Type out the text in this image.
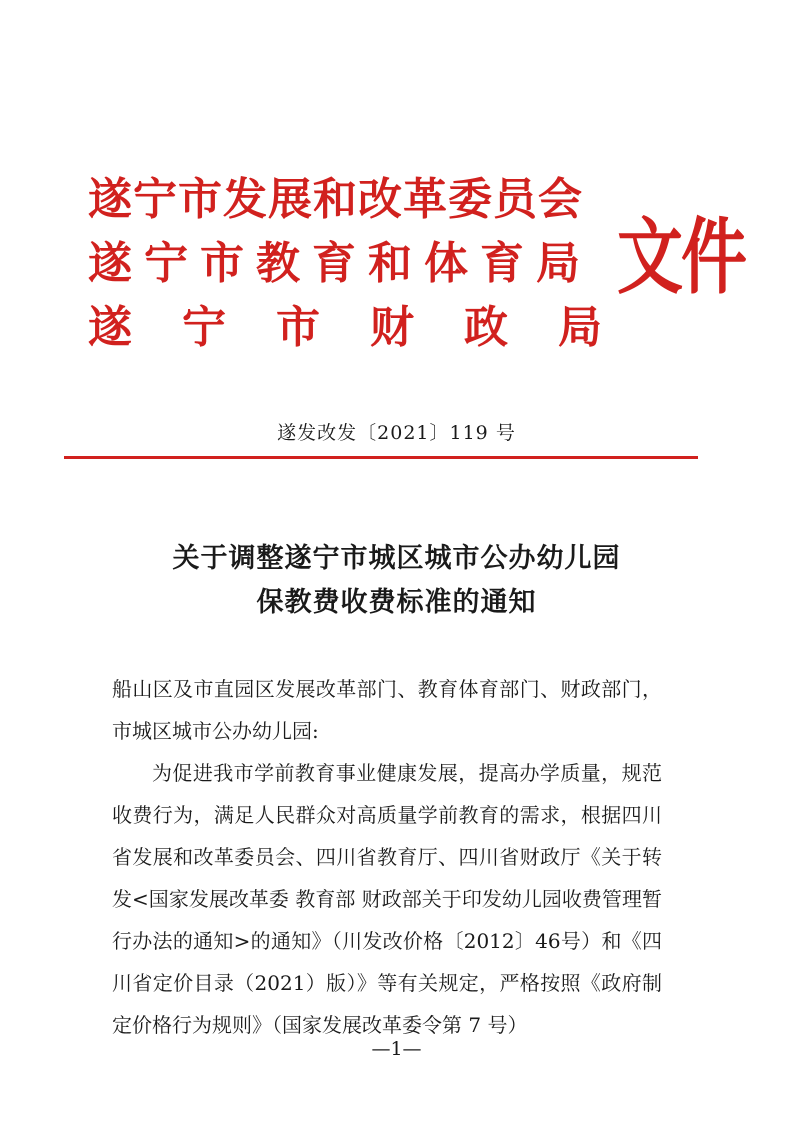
遂宁市发展和改革委员会
遂宁市教育和体育局
遂宁市财政局
文件
遂发改发〔2021〕119 号
关于调整遂宁市城区城市公办幼儿园
保教费收费标准的通知

船山区及市直园区发展改革部门、教育体育部门、财政部门，市城区城市公办幼儿园:

为促进我市学前教育事业健康发展，提高办学质量，规范收费行为，满足人民群众对高质量学前教育的需求，根据四川省发展和改革委员会、四川省教育厅、四川省财政厅《关于转发<国家发展改革委 教育部 财政部关于印发幼儿园收费管理暂行办法的通知>的通知》（川发改价格〔2012〕46号）和《四川省定价目录（2021）版）》等有关规定，严格按照《政府制定价格行为规则》（国家发展改革委令第 7 号）

—1—
